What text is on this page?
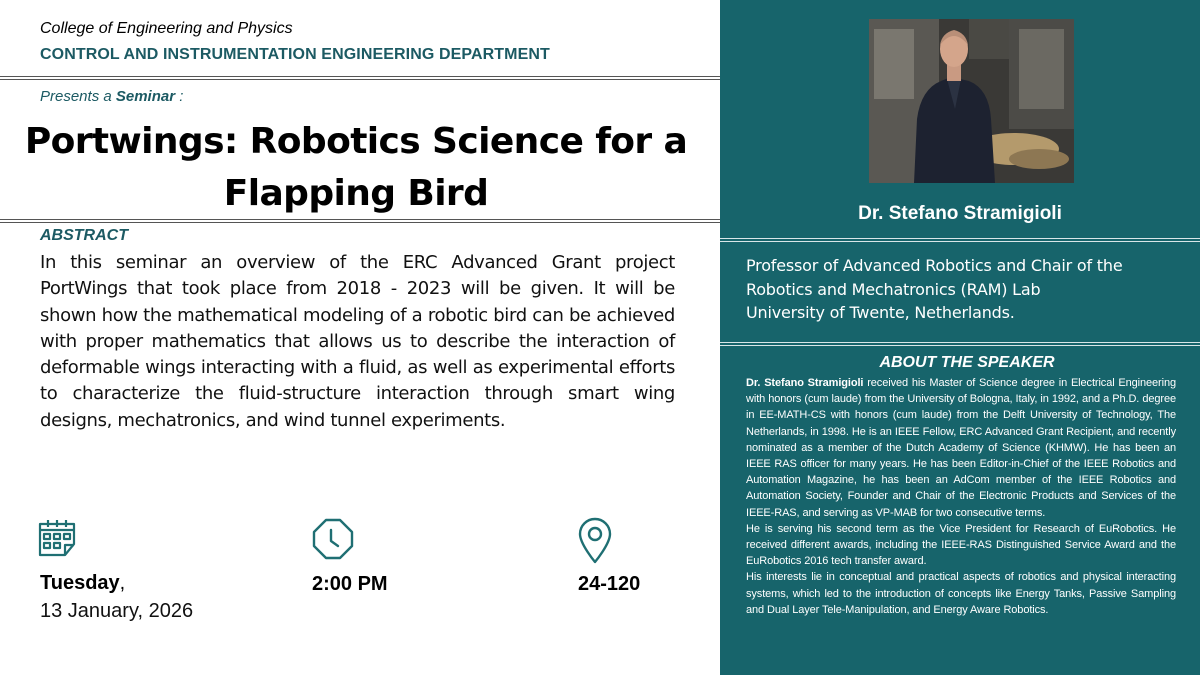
College of Engineering and Physics
CONTROL AND INSTRUMENTATION ENGINEERING DEPARTMENT
Presents a Seminar :
Portwings: Robotics Science for a
Flapping Bird
ABSTRACT
In this seminar an overview of the ERC Advanced Grant project PortWings that took place from 2018 - 2023 will be given. It will be shown how the mathematical modeling of a robotic bird can be achieved with proper mathematics that allows us to describe the interaction of deformable wings interacting with a fluid, as well as experimental efforts to characterize the fluid-structure interaction through smart wing designs, mechatronics, and wind tunnel experiments.
Tuesday,
13 January, 2026
2:00 PM	24-120
Dr. Stefano Stramigioli
Professor of Advanced Robotics and Chair of the
Robotics and Mechatronics (RAM) Lab
University of Twente, Netherlands.
ABOUT THE SPEAKER

Dr. Stefano Stramigioli received his Master of Science degree in Electrical Engineering with honors (cum laude) from the University of Bologna, Italy, in 1992, and a Ph.D. degree in EE-MATH-CS with honors (cum laude) from the Delft University of Technology, The Netherlands, in 1998. He is an IEEE Fellow, ERC Advanced Grant Recipient, and recently nominated as a member of the Dutch Academy of Science (KHMW). He has been an IEEE RAS officer for many years. He has been Editor-in-Chief of the IEEE Robotics and Automation Magazine, he has been an AdCom member of the IEEE Robotics and Automation Society, Founder and Chair of the Electronic Products and Services of the IEEE-RAS, and serving as VP-MAB for two consecutive terms.

He is serving his second term as the Vice President for Research of EuRobotics. He received different awards, including the IEEE-RAS Distinguished Service Award and the EuRobotics 2016 tech transfer award.

His interests lie in conceptual and practical aspects of robotics and physical interacting systems, which led to the introduction of concepts like Energy Tanks, Passive Sampling and Dual Layer Tele-Manipulation, and Energy Aware Robotics.
